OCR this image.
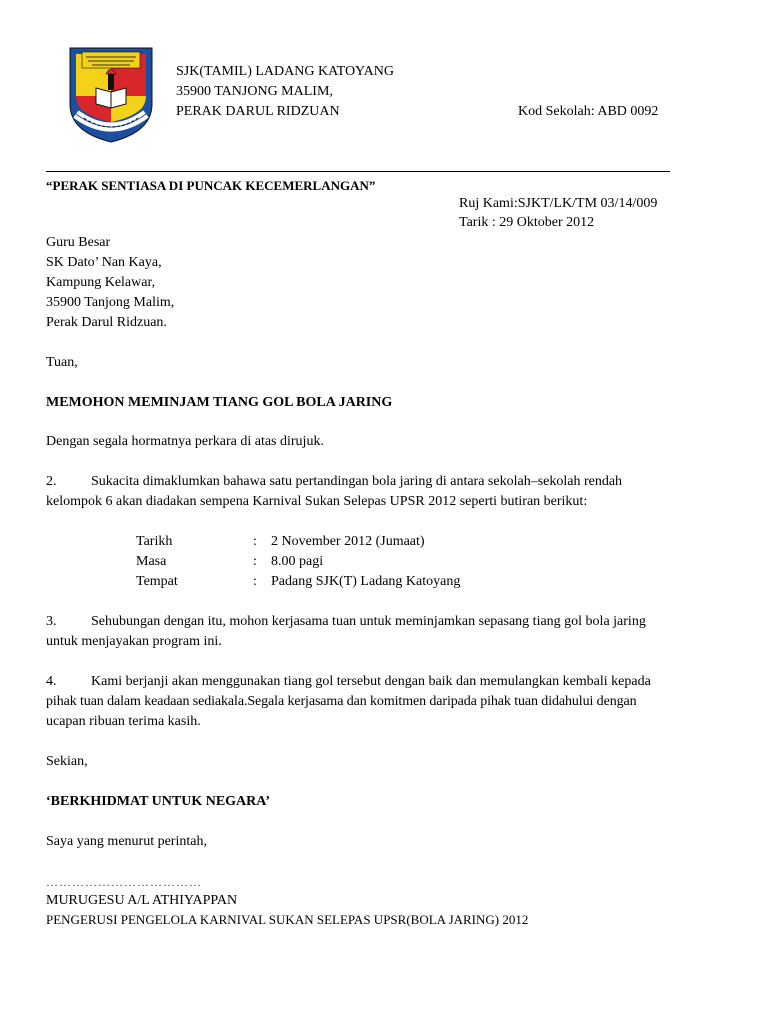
SJK(TAMIL) LADANG KATOYANG
35900 TANJONG MALIM,
PERAK DARUL RIDZUAN	Kod Sekolah: ABD 0092
“PERAK SENTIASA DI PUNCAK KECEMERLANGAN”
Ruj Kami:SJKT/LK/TM 03/14/009
Tarik : 29 Oktober 2012
Guru Besar
SK Dato’ Nan Kaya,
Kampung Kelawar,
35900 Tanjong Malim,
Perak Darul Ridzuan.
Tuan,
MEMOHON MEMINJAM TIANG GOL BOLA JARING
Dengan segala hormatnya perkara di atas dirujuk.
2. Sukacita dimaklumkan bahawa satu pertandingan bola jaring di antara sekolah–sekolah rendah
kelompok 6 akan diadakan sempena Karnival Sukan Selepas UPSR 2012 seperti butiran berikut:
Tarikh	: 2 November 2012 (Jumaat)
Masa	: 8.00 pagi
Tempat	: Padang SJK(T) Ladang Katoyang
3. Sehubungan dengan itu, mohon kerjasama tuan untuk meminjamkan sepasang tiang gol bola jaring
untuk menjayakan program ini.
4. Kami berjanji akan menggunakan tiang gol tersebut dengan baik dan memulangkan kembali kepada
pihak tuan dalam keadaan sediakala.Segala kerjasama dan komitmen daripada pihak tuan didahului dengan
ucapan ribuan terima kasih.
Sekian,
‘BERKHIDMAT UNTUK NEGARA’
Saya yang menurut perintah,
………………………………
MURUGESU A/L ATHIYAPPAN
PENGERUSI PENGELOLA KARNIVAL SUKAN SELEPAS UPSR(BOLA JARING) 2012
